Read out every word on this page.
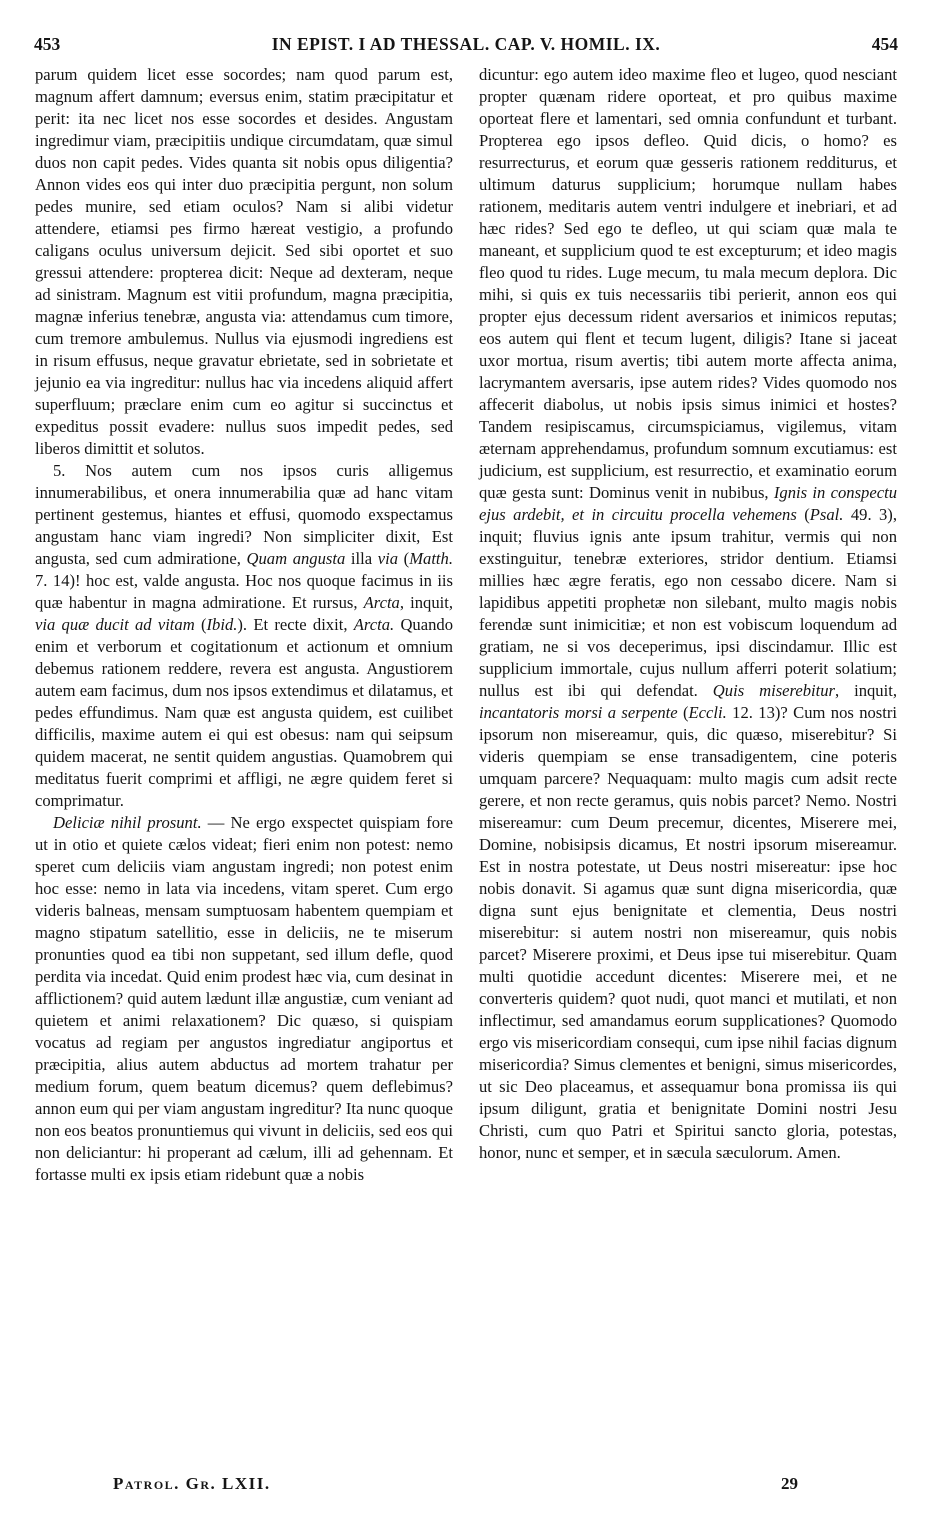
453	IN EPIST. I AD THESSAL. CAP. V. HOMIL. IX.	454

parum quidem licet esse socordes; nam quod parum est, magnum affert damnum; eversus enim, statim præcipitatur et perit: ita nec licet nos esse socordes et desides. Angustam ingredimur viam, præcipitiis undique circumdatam, quæ simul duos non capit pedes. Vides quanta sit nobis opus diligentia? Annon vides eos qui inter duo præcipitia pergunt, non solum pedes munire, sed etiam oculos? Nam si alibi videtur attendere, etiamsi pes firmo hæreat vestigio, a profundo caligans oculus universum dejicit. Sed sibi oportet et suo gressui attendere: propterea dicit: Neque ad dexteram, neque ad sinistram. Magnum est vitii profundum, magna præcipitia, magnæ inferius tenebræ, angusta via: attendamus cum timore, cum tremore ambulemus. Nullus via ejusmodi ingrediens est in risum effusus, neque gravatur ebrietate, sed in sobrietate et jejunio ea via ingreditur: nullus hac via incedens aliquid affert superfluum; præclare enim cum eo agitur si succinctus et expeditus possit evadere: nullus suos impedit pedes, sed liberos dimittit et solutos.

5. Nos autem cum nos ipsos curis alligemus innumerabilibus, et onera innumerabilia quæ ad hanc vitam pertinent gestemus, hiantes et effusi, quomodo exspectamus angustam hanc viam ingredi? Non simpliciter dixit, Est angusta, sed cum admiratione, Quam angusta illa via (Matth. 7. 14)! hoc est, valde angusta. Hoc nos quoque facimus in iis quæ habentur in magna admiratione. Et rursus, Arcta, inquit, via quæ ducit ad vitam (Ibid.). Et recte dixit, Arcta. Quando enim et verborum et cogitationum et actionum et omnium debemus rationem reddere, revera est angusta. Angustiorem autem eam facimus, dum nos ipsos extendimus et dilatamus, et pedes effundimus. Nam quæ est angusta quidem, est cuilibet difficilis, maxime autem ei qui est obesus: nam qui seipsum quidem macerat, ne sentit quidem angustias. Quamobrem qui meditatus fuerit comprimi et affligi, ne ægre quidem feret si comprimatur.

Deliciæ nihil prosunt. — Ne ergo exspectet quispiam fore ut in otio et quiete cælos videat; fieri enim non potest: nemo speret cum deliciis viam angustam ingredi; non potest enim hoc esse: nemo in lata via incedens, vitam speret. Cum ergo videris balneas, mensam sumptuosam habentem quempiam et magno stipatum satellitio, esse in deliciis, ne te miserum pronunties quod ea tibi non suppetant, sed illum defle, quod perdita via incedat. Quid enim prodest hæc via, cum desinat in afflictionem? quid autem lædunt illæ angustiæ, cum veniant ad quietem et animi relaxationem? Dic quæso, si quispiam vocatus ad regiam per angustos ingrediatur angiportus et præcipitia, alius autem abductus ad mortem trahatur per medium forum, quem beatum dicemus? quem deflebimus? annon eum qui per viam angustam ingreditur? Ita nunc quoque non eos beatos pronuntiemus qui vivunt in deliciis, sed eos qui non deliciantur: hi properant ad cælum, illi ad gehennam. Et fortasse multi ex ipsis etiam ridebunt quæ a nobis

dicuntur: ego autem ideo maxime fleo et lugeo, quod nesciant propter quænam ridere oporteat, et pro quibus maxime oporteat flere et lamentari, sed omnia confundunt et turbant. Propterea ego ipsos defleo. Quid dicis, o homo? es resurrecturus, et eorum quæ gesseris rationem redditurus, et ultimum daturus supplicium; horumque nullam habes rationem, meditaris autem ventri indulgere et inebriari, et ad hæc rides? Sed ego te defleo, ut qui sciam quæ mala te maneant, et supplicium quod te est excepturum; et ideo magis fleo quod tu rides. Luge mecum, tu mala mecum deplora. Dic mihi, si quis ex tuis necessariis tibi perierit, annon eos qui propter ejus decessum rident aversarios et inimicos reputas; eos autem qui flent et tecum lugent, diligis? Itane si jaceat uxor mortua, risum avertis; tibi autem morte affecta anima, lacrymantem aversaris, ipse autem rides? Vides quomodo nos affecerit diabolus, ut nobis ipsis simus inimici et hostes? Tandem resipiscamus, circumspiciamus, vigilemus, vitam æternam apprehendamus, profundum somnum excutiamus: est judicium, est supplicium, est resurrectio, et examinatio eorum quæ gesta sunt: Dominus venit in nubibus, Ignis in conspectu ejus ardebit, et in circuitu procella vehemens (Psal. 49. 3), inquit; fluvius ignis ante ipsum trahitur, vermis qui non exstinguitur, tenebræ exteriores, stridor dentium. Etiamsi millies hæc ægre feratis, ego non cessabo dicere. Nam si lapidibus appetiti prophetæ non silebant, multo magis nobis ferendæ sunt inimicitiæ; et non est vobiscum loquendum ad gratiam, ne si vos deceperimus, ipsi discindamur. Illic est supplicium immortale, cujus nullum afferri poterit solatium; nullus est ibi qui defendat. Quis miserebitur, inquit, incantatoris morsi a serpente (Eccli. 12. 13)? Cum nos nostri ipsorum non misereamur, quis, dic quæso, miserebitur? Si videris quempiam se ense transadigentem, cine poteris umquam parcere? Nequaquam: multo magis cum adsit recte gerere, et non recte geramus, quis nobis parcet? Nemo. Nostri misereamur: cum Deum precemur, dicentes, Miserere mei, Domine, nobisipsis dicamus, Et nostri ipsorum misereamur. Est in nostra potestate, ut Deus nostri misereatur: ipse hoc nobis donavit. Si agamus quæ sunt digna misericordia, quæ digna sunt ejus benignitate et clementia, Deus nostri miserebitur: si autem nostri non misereamur, quis nobis parcet? Miserere proximi, et Deus ipse tui miserebitur. Quam multi quotidie accedunt dicentes: Miserere mei, et ne converteris quidem? quot nudi, quot manci et mutilati, et non inflectimur, sed amandamus eorum supplicationes? Quomodo ergo vis misericordiam consequi, cum ipse nihil facias dignum misericordia? Simus clementes et benigni, simus misericordes, ut sic Deo placeamus, et assequamur bona promissa iis qui ipsum diligunt, gratia et benignitate Domini nostri Jesu Christi, cum quo Patri et Spiritui sancto gloria, potestas, honor, nunc et semper, et in sæcula sæculorum. Amen.

Patrol. Gr. LXII.	29
